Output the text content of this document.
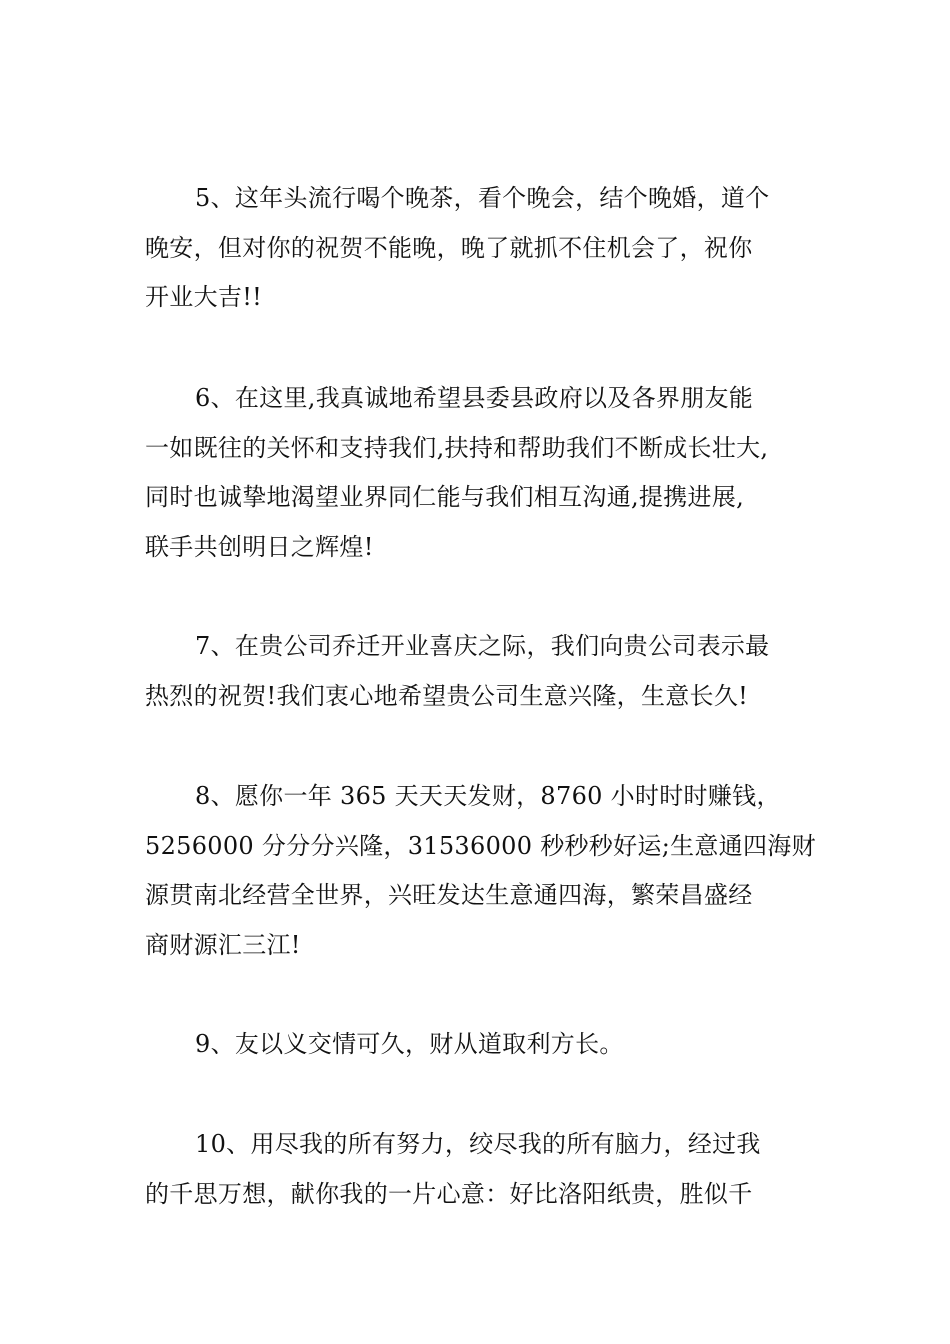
5、这年头流行喝个晚茶，看个晚会，结个晚婚，道个
晚安，但对你的祝贺不能晚，晚了就抓不住机会了，祝你
开业大吉!!

6、在这里,我真诚地希望县委县政府以及各界朋友能
一如既往的关怀和支持我们,扶持和帮助我们不断成长壮大,
同时也诚挚地渴望业界同仁能与我们相互沟通,提携进展,
联手共创明日之辉煌!

7、在贵公司乔迁开业喜庆之际，我们向贵公司表示最
热烈的祝贺!我们衷心地希望贵公司生意兴隆，生意长久!

8、愿你一年 365 天天天发财，8760 小时时时赚钱，
5256000 分分分兴隆，31536000 秒秒秒好运;生意通四海财
源贯南北经营全世界，兴旺发达生意通四海，繁荣昌盛经
商财源汇三江!

9、友以义交情可久，财从道取利方长。

10、用尽我的所有努力，绞尽我的所有脑力，经过我
的千思万想，献你我的一片心意：好比洛阳纸贵，胜似千
